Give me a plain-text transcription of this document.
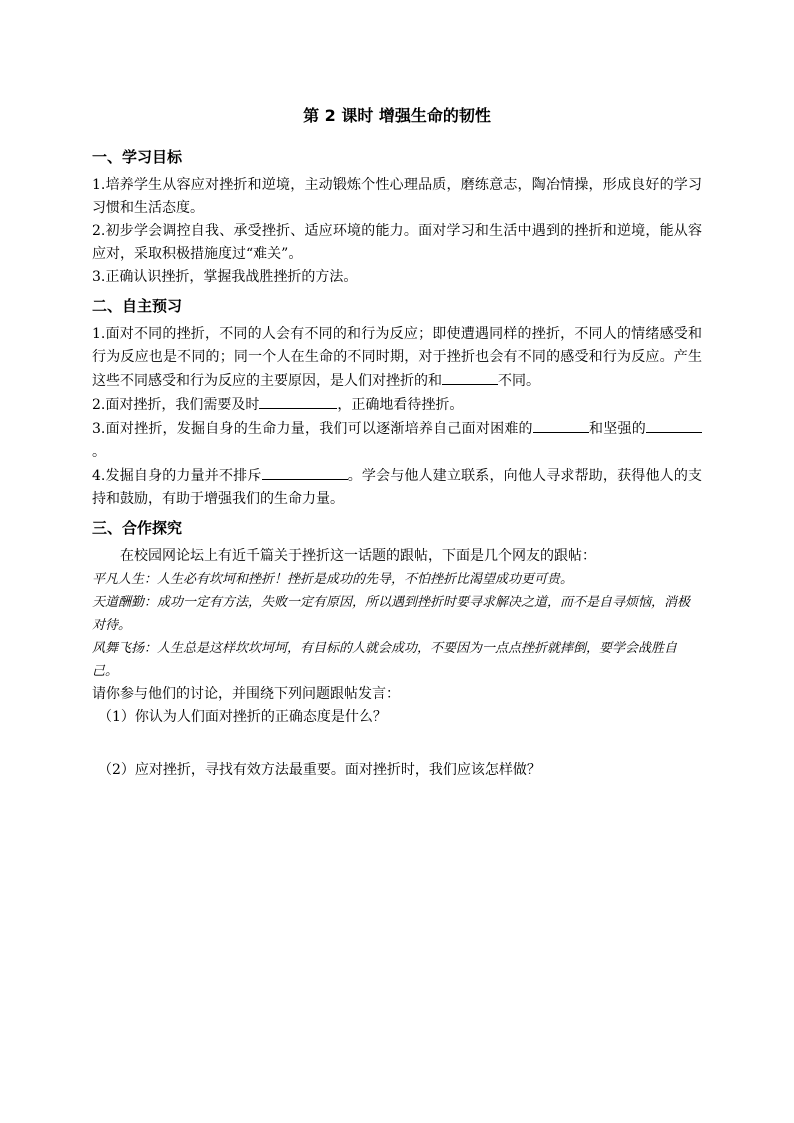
第 2 课时 增强生命的韧性
一、学习目标

1.培养学生从容应对挫折和逆境，主动锻炼个性心理品质，磨练意志，陶冶情操，形成良好的学习习惯和生活态度。

2.初步学会调控自我、承受挫折、适应环境的能力。面对学习和生活中遇到的挫折和逆境，能从容应对，采取积极措施度过“难关”。

3.正确认识挫折，掌握我战胜挫折的方法。

二、自主预习

1.面对不同的挫折，不同的人会有不同的和行为反应；即使遭遇同样的挫折，不同人的情绪感受和行为反应也是不同的；同一个人在生命的不同时期，对于挫折也会有不同的感受和行为反应。产生这些不同感受和行为反应的主要原因，是人们对挫折的和	不同。

2.面对挫折，我们需要及时	，正确地看待挫折。

3.面对挫折，发掘自身的生命力量，我们可以逐渐培养自己面对困难的	和坚强的。

4.发掘自身的力量并不排斥	。学会与他人建立联系，向他人寻求帮助，获得他人的支持和鼓励，有助于增强我们的生命力量。

三、合作探究

在校园网论坛上有近千篇关于挫折这一话题的跟帖，下面是几个网友的跟帖：

平凡人生：人生必有坎坷和挫折！挫折是成功的先导，不怕挫折比渴望成功更可贵。

天道酬勤：成功一定有方法，失败一定有原因，所以遇到挫折时要寻求解决之道，而不是自寻烦恼，消极对待。

风舞飞扬：人生总是这样坎坎坷坷，有目标的人就会成功，不要因为一点点挫折就摔倒，要学会战胜自己。

请你参与他们的讨论，并围绕下列问题跟帖发言：

（1）你认为人们面对挫折的正确态度是什么？

（2）应对挫折，寻找有效方法最重要。面对挫折时，我们应该怎样做？
